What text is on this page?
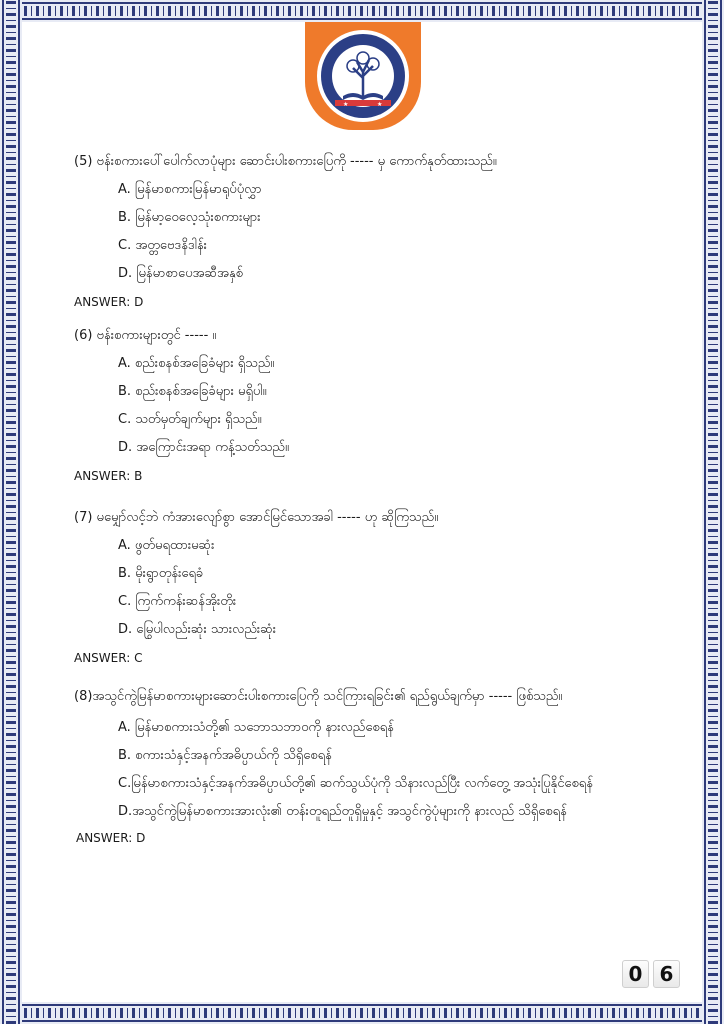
★	★
(5) ဗန်းစကားပေါ်ပေါက်လာပုံများ ဆောင်းပါးစကားပြေကို ----- မှ ကောက်နုတ်ထားသည်။
A. မြန်မာစကားမြန်မာရုပ်ပုံလွှာ
B. မြန်မာ့ဝေလေ့သုံးစကားများ
C. အတ္တဗေဒနိဒါန်း
D. မြန်မာစာပေအဆီအနှစ်
ANSWER: D
(6) ဗန်းစကားများတွင် ----- ။
A. စည်းစနစ်အခြေခံများ ရှိသည်။
B. စည်းစနစ်အခြေခံများ မရှိပါ။
C. သတ်မှတ်ချက်များ ရှိသည်။
D. အကြောင်းအရာ ကန့်သတ်သည်။
ANSWER: B
(7) မမျှော်လင့်ဘဲ ကံအားလျော်စွာ အောင်မြင်သောအခါ ----- ဟု ဆိုကြသည်။
A. ဖွတ်မရထားမဆုံး
B. မိုးရွာတုန်းရေခံ
C. ကြက်ကန်းဆန်အိုးတိုး
D. မြွေပါလည်းဆုံး သားလည်းဆုံး
ANSWER: C
(8)အသွင်ကွဲမြန်မာစကားများဆောင်းပါးစကားပြေကို သင်ကြားရခြင်း၏ ရည်ရွယ်ချက်မှာ ----- ဖြစ်သည်။
A. မြန်မာစကားသံတို့၏ သဘောသဘာဝကို နားလည်စေရန်
B. စကားသံနှင့်အနက်အဓိပ္ပာယ်ကို သိရှိစေရန်
C.မြန်မာစကားသံနှင့်အနက်အဓိပ္ပာယ်တို့၏ ဆက်သွယ်ပုံကို သိနားလည်ပြီး လက်တွေ့ အသုံးပြုနိုင်စေရန်
D.အသွင်ကွဲမြန်မာစကားအားလုံး၏ တန်းတူရည်တူရှိမှုနှင့် အသွင်ကွဲပုံများကို နားလည် သိရှိစေရန်
ANSWER: D
0 6
